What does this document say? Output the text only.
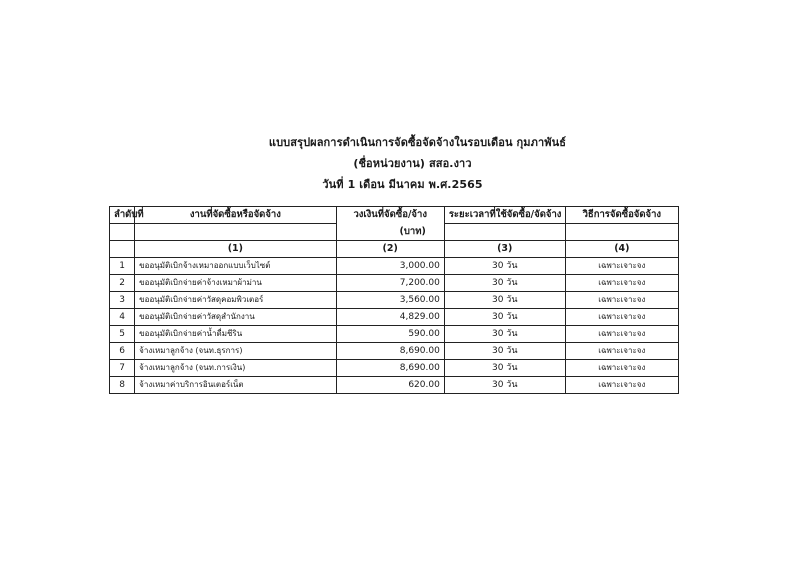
แบบสรุปผลการดำเนินการจัดซื้อจัดจ้างในรอบเดือน กุมภาพันธ์
(ชื่อหน่วยงาน) สสอ.งาว
วันที่ 1 เดือน มีนาคม พ.ศ.2565
ลำดับที่	งานที่จัดซื้อหรือจัดจ้าง	วงเงินที่จัดซื้อ/จ้าง	ระยะเวลาที่ใช้จัดซื้อ/จัดจ้าง	วิธีการจัดซื้อจัดจ้าง
		(บาท)		
	(1)	(2)	(3)	(4)
1	ขออนุมัติเบิกจ้างเหมาออกแบบเว็บไซต์	3,000.00	30 วัน	เฉพาะเจาะจง
2	ขออนุมัติเบิกจ่ายค่าจ้างเหมาผ้าม่าน	7,200.00	30 วัน	เฉพาะเจาะจง
3	ขออนุมัติเบิกจ่ายค่าวัสดุคอมพิวเตอร์	3,560.00	30 วัน	เฉพาะเจาะจง
4	ขออนุมัติเบิกจ่ายค่าวัสดุสำนักงาน	4,829.00	30 วัน	เฉพาะเจาะจง
5	ขออนุมัติเบิกจ่ายค่าน้ำดื่มชีริน	590.00	30 วัน	เฉพาะเจาะจง
6	จ้างเหมาลูกจ้าง (จนท.ธุรการ)	8,690.00	30 วัน	เฉพาะเจาะจง
7	จ้างเหมาลูกจ้าง (จนท.การเงิน)	8,690.00	30 วัน	เฉพาะเจาะจง
8	จ้างเหมาค่าบริการอินเตอร์เน็ต	620.00	30 วัน	เฉพาะเจาะจง
